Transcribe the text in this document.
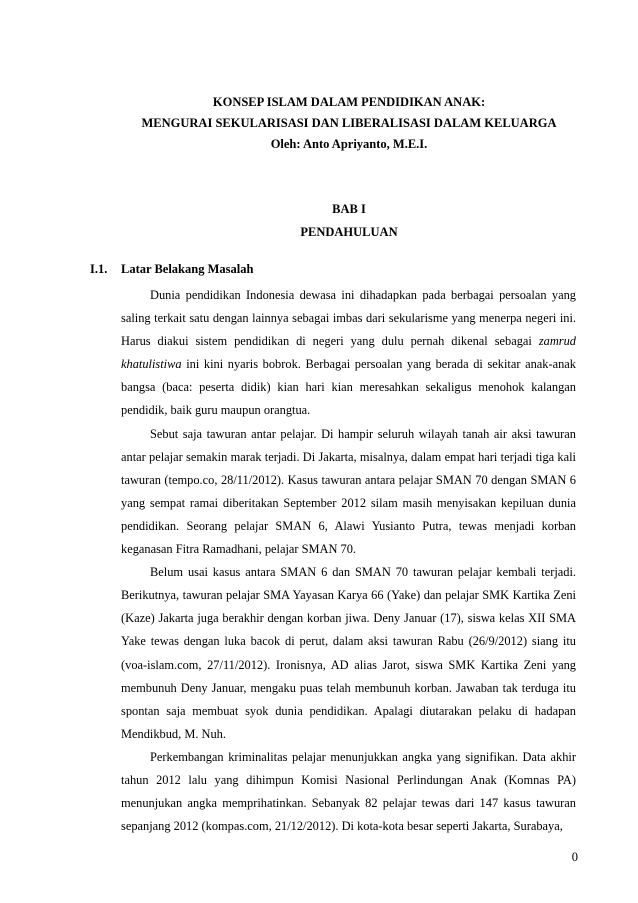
KONSEP ISLAM DALAM PENDIDIKAN ANAK:
MENGURAI SEKULARISASI DAN LIBERALISASI DALAM KELUARGA
Oleh: Anto Apriyanto, M.E.I.
BAB I
PENDAHULUAN
I.1. Latar Belakang Masalah

Dunia pendidikan Indonesia dewasa ini dihadapkan pada berbagai persoalan yang saling terkait satu dengan lainnya sebagai imbas dari sekularisme yang menerpa negeri ini. Harus diakui sistem pendidikan di negeri yang dulu pernah dikenal sebagai zamrud khatulistiwa ini kini nyaris bobrok. Berbagai persoalan yang berada di sekitar anak-anak bangsa (baca: peserta didik) kian hari kian meresahkan sekaligus menohok kalangan pendidik, baik guru maupun orangtua.

Sebut saja tawuran antar pelajar. Di hampir seluruh wilayah tanah air aksi tawuran antar pelajar semakin marak terjadi. Di Jakarta, misalnya, dalam empat hari terjadi tiga kali tawuran (tempo.co, 28/11/2012). Kasus tawuran antara pelajar SMAN 70 dengan SMAN 6 yang sempat ramai diberitakan September 2012 silam masih menyisakan kepiluan dunia pendidikan. Seorang pelajar SMAN 6, Alawi Yusianto Putra, tewas menjadi korban keganasan Fitra Ramadhani, pelajar SMAN 70.

Belum usai kasus antara SMAN 6 dan SMAN 70 tawuran pelajar kembali terjadi. Berikutnya, tawuran pelajar SMA Yayasan Karya 66 (Yake) dan pelajar SMK Kartika Zeni (Kaze) Jakarta juga berakhir dengan korban jiwa. Deny Januar (17), siswa kelas XII SMA Yake tewas dengan luka bacok di perut, dalam aksi tawuran Rabu (26/9/2012) siang itu (voa-islam.com, 27/11/2012). Ironisnya, AD alias Jarot, siswa SMK Kartika Zeni yang membunuh Deny Januar, mengaku puas telah membunuh korban. Jawaban tak terduga itu spontan saja membuat syok dunia pendidikan. Apalagi diutarakan pelaku di hadapan Mendikbud, M. Nuh.

Perkembangan kriminalitas pelajar menunjukkan angka yang signifikan. Data akhir tahun 2012 lalu yang dihimpun Komisi Nasional Perlindungan Anak (Komnas PA) menunjukan angka memprihatinkan. Sebanyak 82 pelajar tewas dari 147 kasus tawuran sepanjang 2012 (kompas.com, 21/12/2012). Di kota-kota besar seperti Jakarta, Surabaya,

0
